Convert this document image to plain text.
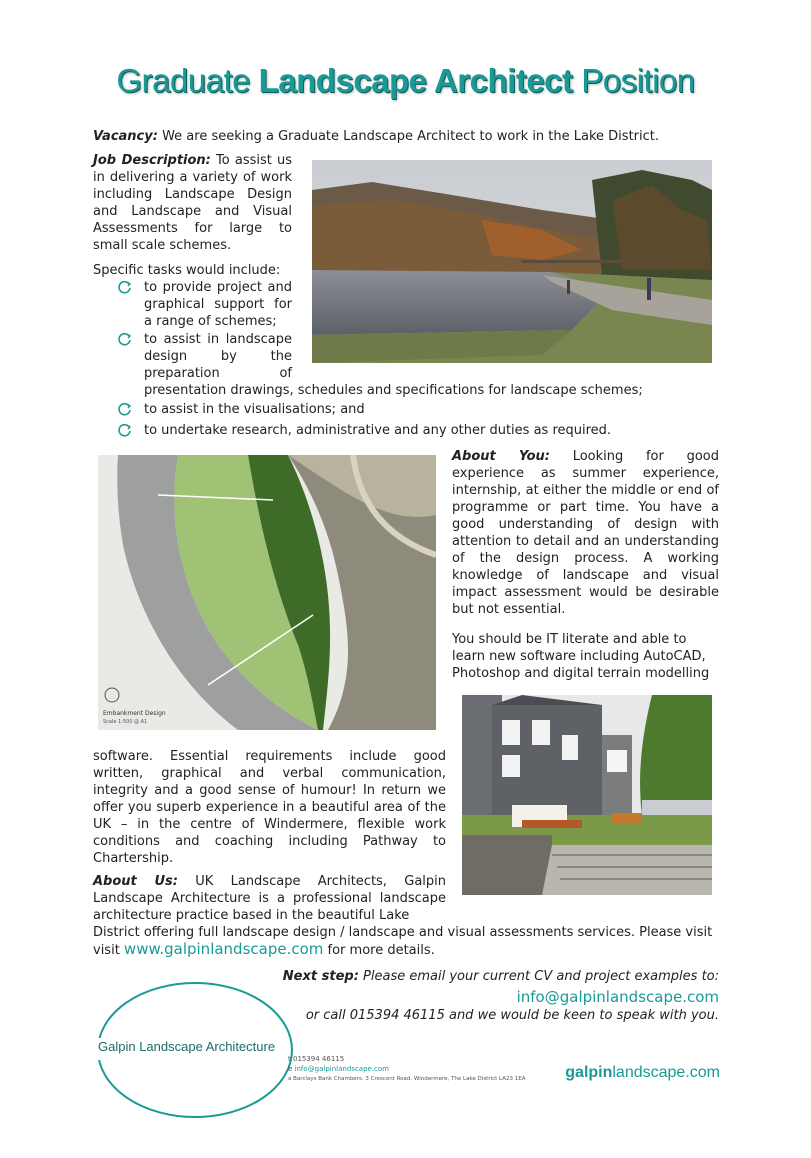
Graduate Landscape Architect Position
Vacancy: We are seeking a Graduate Landscape Architect to work in the Lake District.
Job Description: To assist us in delivering a variety of work including Landscape Design and Landscape and Visual Assessments for large to small scale schemes.
Specific tasks would include:
to provide project and graphical support for a range of schemes;
to assist in landscape design by the preparation of
presentation drawings, schedules and specifications for landscape schemes;
to assist in the visualisations; and
to undertake research, administrative and any other duties as required.
Embankment Design
Scale 1:500 @ A1
About You: Looking for good experience as summer experience, internship, at either the middle or end of programme or part time. You have a good understanding of design with attention to detail and an understanding of the design process. A working knowledge of landscape and visual impact assessment would be desirable but not essential.
You should be IT literate and able to learn new software including AutoCAD, Photoshop and digital terrain modelling
software. Essential requirements include good written, graphical and verbal communication, integrity and a good sense of humour! In return we offer you superb experience in a beautiful area of the UK – in the centre of Windermere, flexible work conditions and coaching including Pathway to Chartership.
About Us: UK Landscape Architects, Galpin Landscape Architecture is a professional landscape architecture practice based in the beautiful Lake
District offering full landscape design / landscape and visual assessments services. Please visit
visit www.galpinlandscape.com for more details.
Next step: Please email your current CV and project examples to:
info@galpinlandscape.com
or call 015394 46115 and we would be keen to speak with you.
Galpin Landscape Architecture
t 015394 46115
e info@galpinlandscape.com
a Barclays Bank Chambers, 3 Crescent Road, Windermere, The Lake District LA23 1EA	galpinlandscape.com
